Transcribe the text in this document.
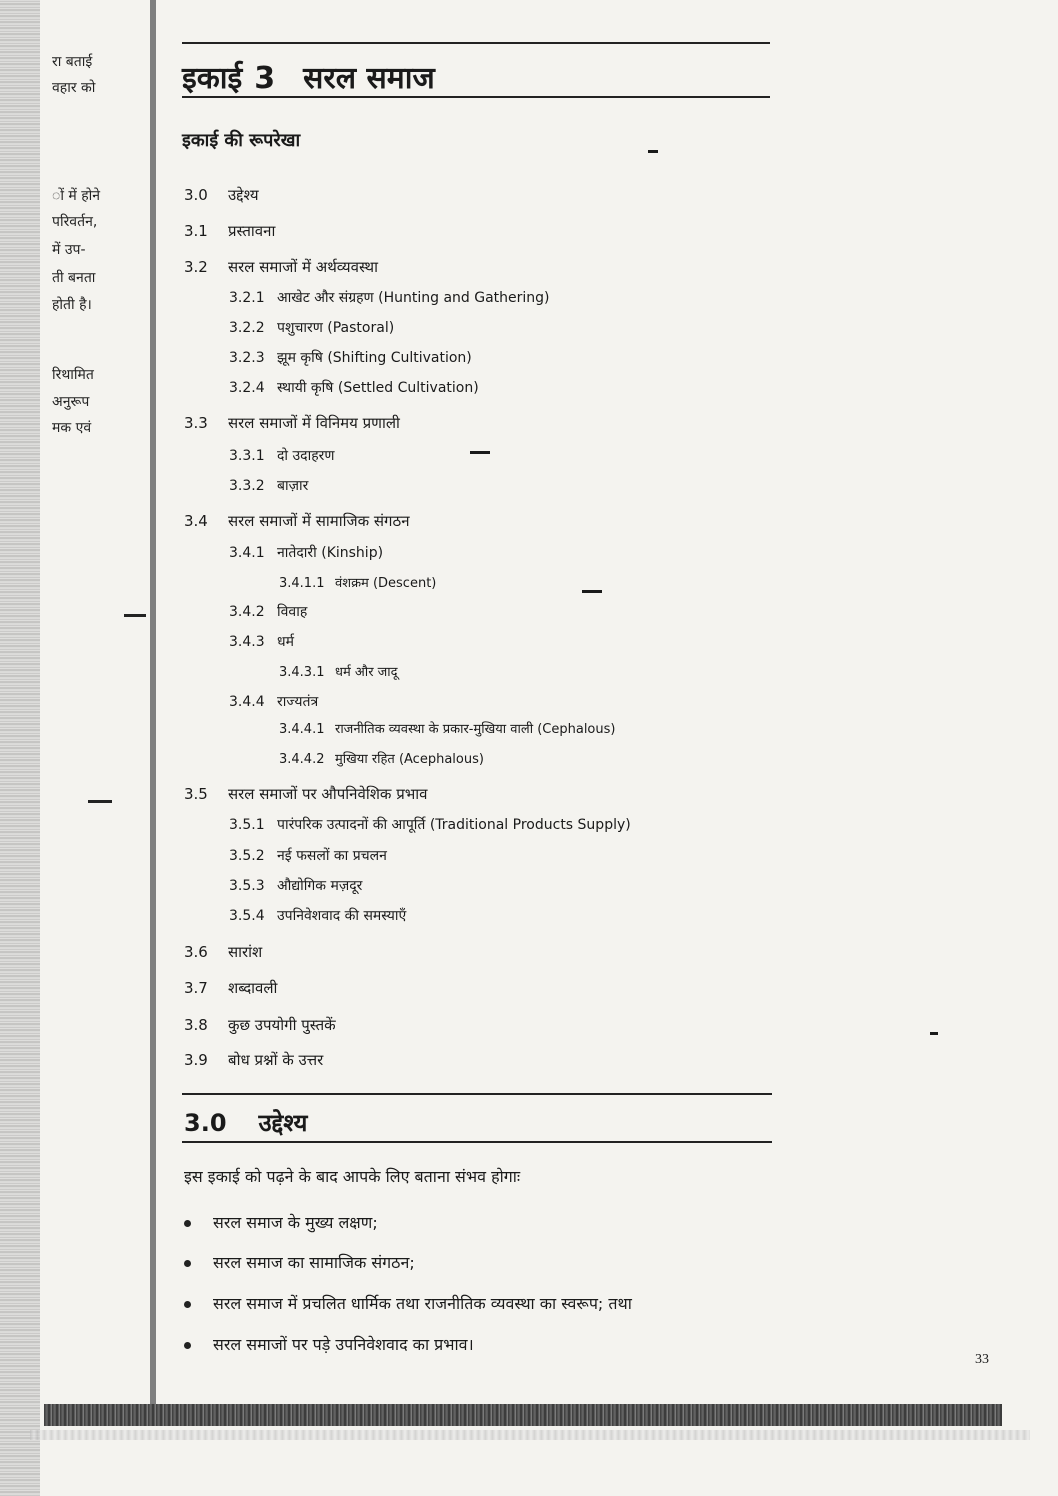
रा बताई
वहार को
ों में होने
परिवर्तन,
में उप-
ती बनता
होती है।
रिथामित
अनुरूप
मक एवं
इकाई 3 सरल समाज
इकाई की रूपरेखा
3.0 उद्देश्य
3.1 प्रस्तावना
3.2 सरल समाजों में अर्थव्यवस्था
3.2.1 आखेट और संग्रहण (Hunting and Gathering)
3.2.2 पशुचारण (Pastoral)
3.2.3 झूम कृषि (Shifting Cultivation)
3.2.4 स्थायी कृषि (Settled Cultivation)
3.3 सरल समाजों में विनिमय प्रणाली
3.3.1 दो उदाहरण
3.3.2 बाज़ार
3.4 सरल समाजों में सामाजिक संगठन
3.4.1 नातेदारी (Kinship)
3.4.1.1 वंशक्रम (Descent)
3.4.2 विवाह
3.4.3 धर्म
3.4.3.1 धर्म और जादू
3.4.4 राज्यतंत्र
3.4.4.1 राजनीतिक व्यवस्था के प्रकार-मुखिया वाली (Cephalous)
3.4.4.2 मुखिया रहित (Acephalous)
3.5 सरल समाजों पर औपनिवेशिक प्रभाव
3.5.1 पारंपरिक उत्पादनों की आपूर्ति (Traditional Products Supply)
3.5.2 नई फसलों का प्रचलन
3.5.3 औद्योगिक मज़दूर
3.5.4 उपनिवेशवाद की समस्याएँ
3.6 सारांश
3.7 शब्दावली
3.8 कुछ उपयोगी पुस्तकें
3.9 बोध प्रश्नों के उत्तर
3.0 उद्देश्य
इस इकाई को पढ़ने के बाद आपके लिए बताना संभव होगाः
सरल समाज के मुख्य लक्षण;
सरल समाज का सामाजिक संगठन;
सरल समाज में प्रचलित धार्मिक तथा राजनीतिक व्यवस्था का स्वरूप; तथा
सरल समाजों पर पड़े उपनिवेशवाद का प्रभाव।
33
